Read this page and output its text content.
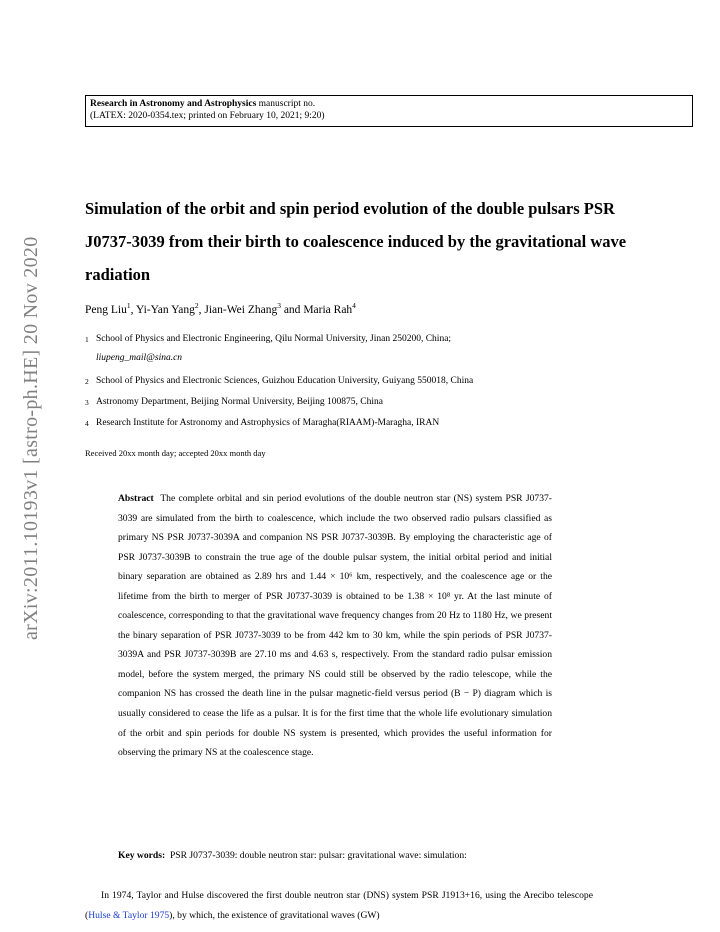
Research in Astronomy and Astrophysics manuscript no.
(LATEX: 2020-0354.tex; printed on February 10, 2021; 9:20)
arXiv:2011.10193v1 [astro-ph.HE] 20 Nov 2020
Simulation of the orbit and spin period evolution of the double pulsars PSR J0737-3039 from their birth to coalescence induced by the gravitational wave radiation
Peng Liu$^1$, Yi-Yan Yang$^2$, Jian-Wei Zhang$^3$ and Maria Rah$^4$
1 School of Physics and Electronic Engineering, Qilu Normal University, Jinan 250200, China;
liupeng_mail@sina.cn
2 School of Physics and Electronic Sciences, Guizhou Education University, Guiyang 550018, China
3 Astronomy Department, Beijing Normal University, Beijing 100875, China
4 Research Institute for Astronomy and Astrophysics of Maragha(RIAAM)-Maragha, IRAN
Received 20xx month day; accepted 20xx month day

Abstract The complete orbital and sin period evolutions of the double neutron star (NS) system PSR J0737-3039 are simulated from the birth to coalescence, which include the two observed radio pulsars classified as primary NS PSR J0737-3039A and companion NS PSR J0737-3039B. By employing the characteristic age of PSR J0737-3039B to constrain the true age of the double pulsar system, the initial orbital period and initial binary separation are obtained as 2.89 hrs and 1.44 × 10⁶ km, respectively, and the coalescence age or the lifetime from the birth to merger of PSR J0737-3039 is obtained to be 1.38 × 10⁸ yr. At the last minute of coalescence, corresponding to that the gravitational wave frequency changes from 20 Hz to 1180 Hz, we present the binary separation of PSR J0737-3039 to be from 442 km to 30 km, while the spin periods of PSR J0737-3039A and PSR J0737-3039B are 27.10 ms and 4.63 s, respectively. From the standard radio pulsar emission model, before the system merged, the primary NS could still be observed by the radio telescope, while the companion NS has crossed the death line in the pulsar magnetic-field versus period (B − P) diagram which is usually considered to cease the life as a pulsar. It is for the first time that the whole life evolutionary simulation of the orbit and spin periods for double NS system is presented, which provides the useful information for observing the primary NS at the coalescence stage.

Key words: PSR J0737-3039: double neutron star: pulsar: gravitational wave: simulation:

In 1974, Taylor and Hulse discovered the first double neutron star (DNS) system PSR J1913+16, using the Arecibo telescope (Hulse & Taylor 1975), by which, the existence of gravitational waves (GW)
